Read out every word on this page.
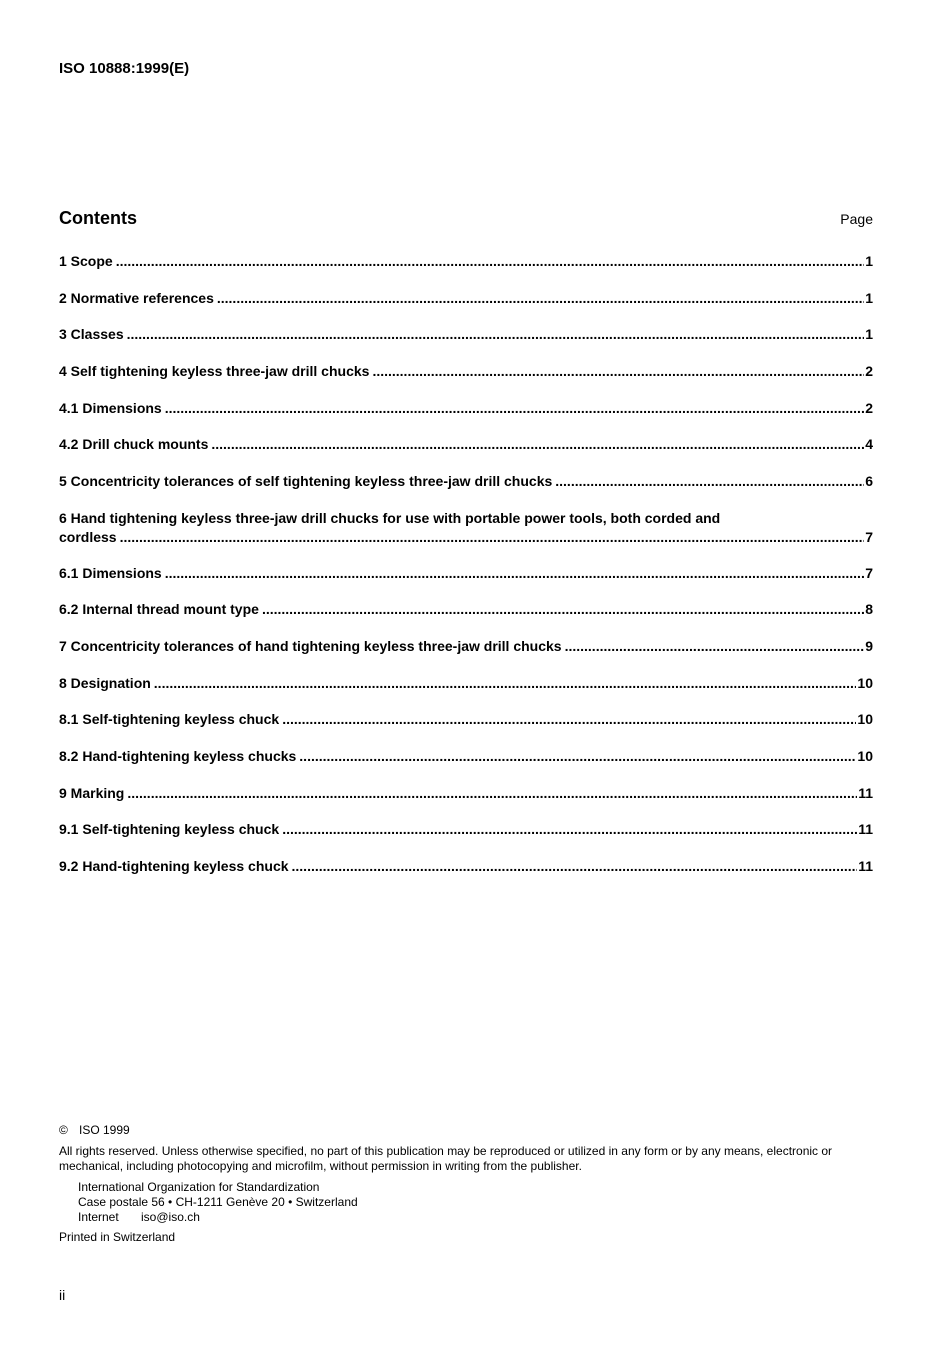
ISO 10888:1999(E)
Contents	Page
1 Scope .....	1
2 Normative references .....	1
3 Classes .....	1
4 Self tightening keyless three-jaw drill chucks .....	2
4.1 Dimensions .....	2
4.2 Drill chuck mounts .....	4
5 Concentricity tolerances of self tightening keyless three-jaw drill chucks .....	6
6 Hand tightening keyless three-jaw drill chucks for use with portable power tools, both corded and
cordless .....	7
6.1 Dimensions .....	7
6.2 Internal thread mount type .....	8
7 Concentricity tolerances of hand tightening keyless three-jaw drill chucks .....	9
8 Designation .....	10
8.1 Self-tightening keyless chuck .....	10
8.2 Hand-tightening keyless chucks .....	10
9 Marking .....	11
9.1 Self-tightening keyless chuck .....	11
9.2 Hand-tightening keyless chuck .....	11
© ISO 1999
All rights reserved. Unless otherwise specified, no part of this publication may be reproduced or utilized in any form or by any means, electronic or mechanical, including photocopying and microfilm, without permission in writing from the publisher.
International Organization for Standardization
Case postale 56 • CH-1211 Genève 20 • Switzerland
Internet iso@iso.ch
Printed in Switzerland
ii
